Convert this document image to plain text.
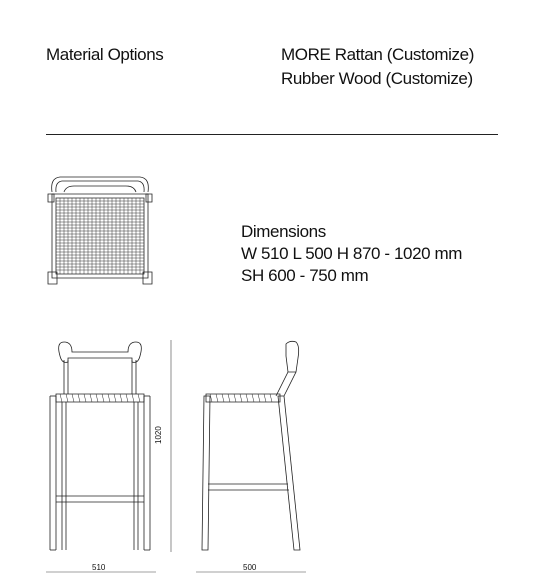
Material Options	MORE Rattan (Customize)
Rubber Wood (Customize)
Dimensions
W 510 L 500 H 870 - 1020 mm
SH 600 - 750 mm
1020
510	500
